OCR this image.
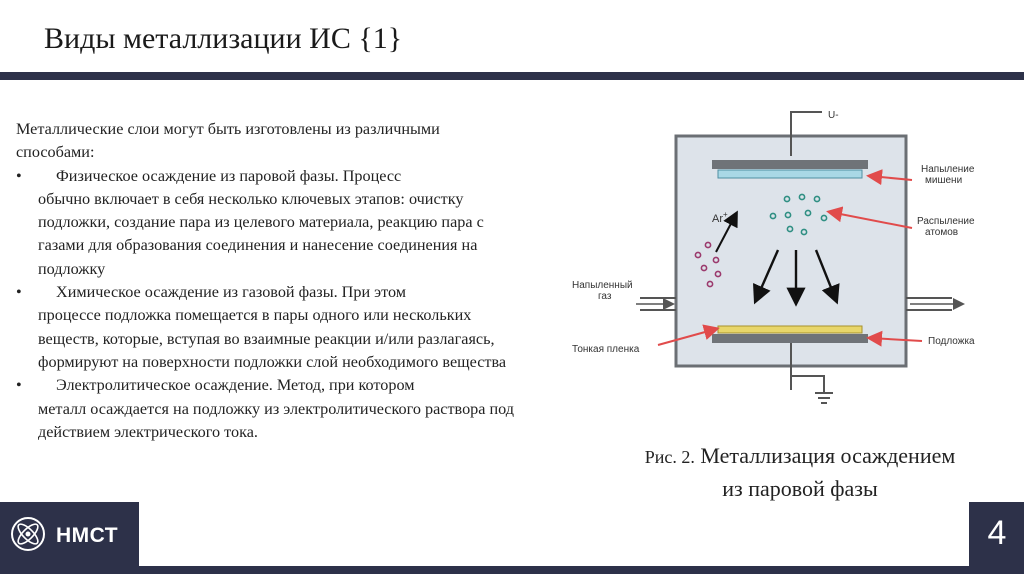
Виды металлизации ИС {1}

Металлические слои могут быть изготовлены из различными способами:

• Физическое осаждение из паровой фазы. Процесс
обычно включает в себя несколько ключевых этапов: очистку подложки, создание пара из целевого материала, реакцию пара с газами для образования соединения и нанесение соединения на подложку
• Химическое осаждение из газовой фазы. При этом
процессе подложка помещается в пары одного или нескольких веществ, которые, вступая во взаимные реакции и/или разлагаясь, формируют на поверхности подложки слой необходимого вещества
• Электролитическое осаждение. Метод, при котором
металл осаждается на подложку из электролитического раствора под действием электрического тока.
U-
Ar+
Напыление мишени
Распыление атомов
Напыленный газ
Тонкая пленка
Подложка
Рис. 2. Металлизация осаждением
из паровой фазы
НМСТ	4
